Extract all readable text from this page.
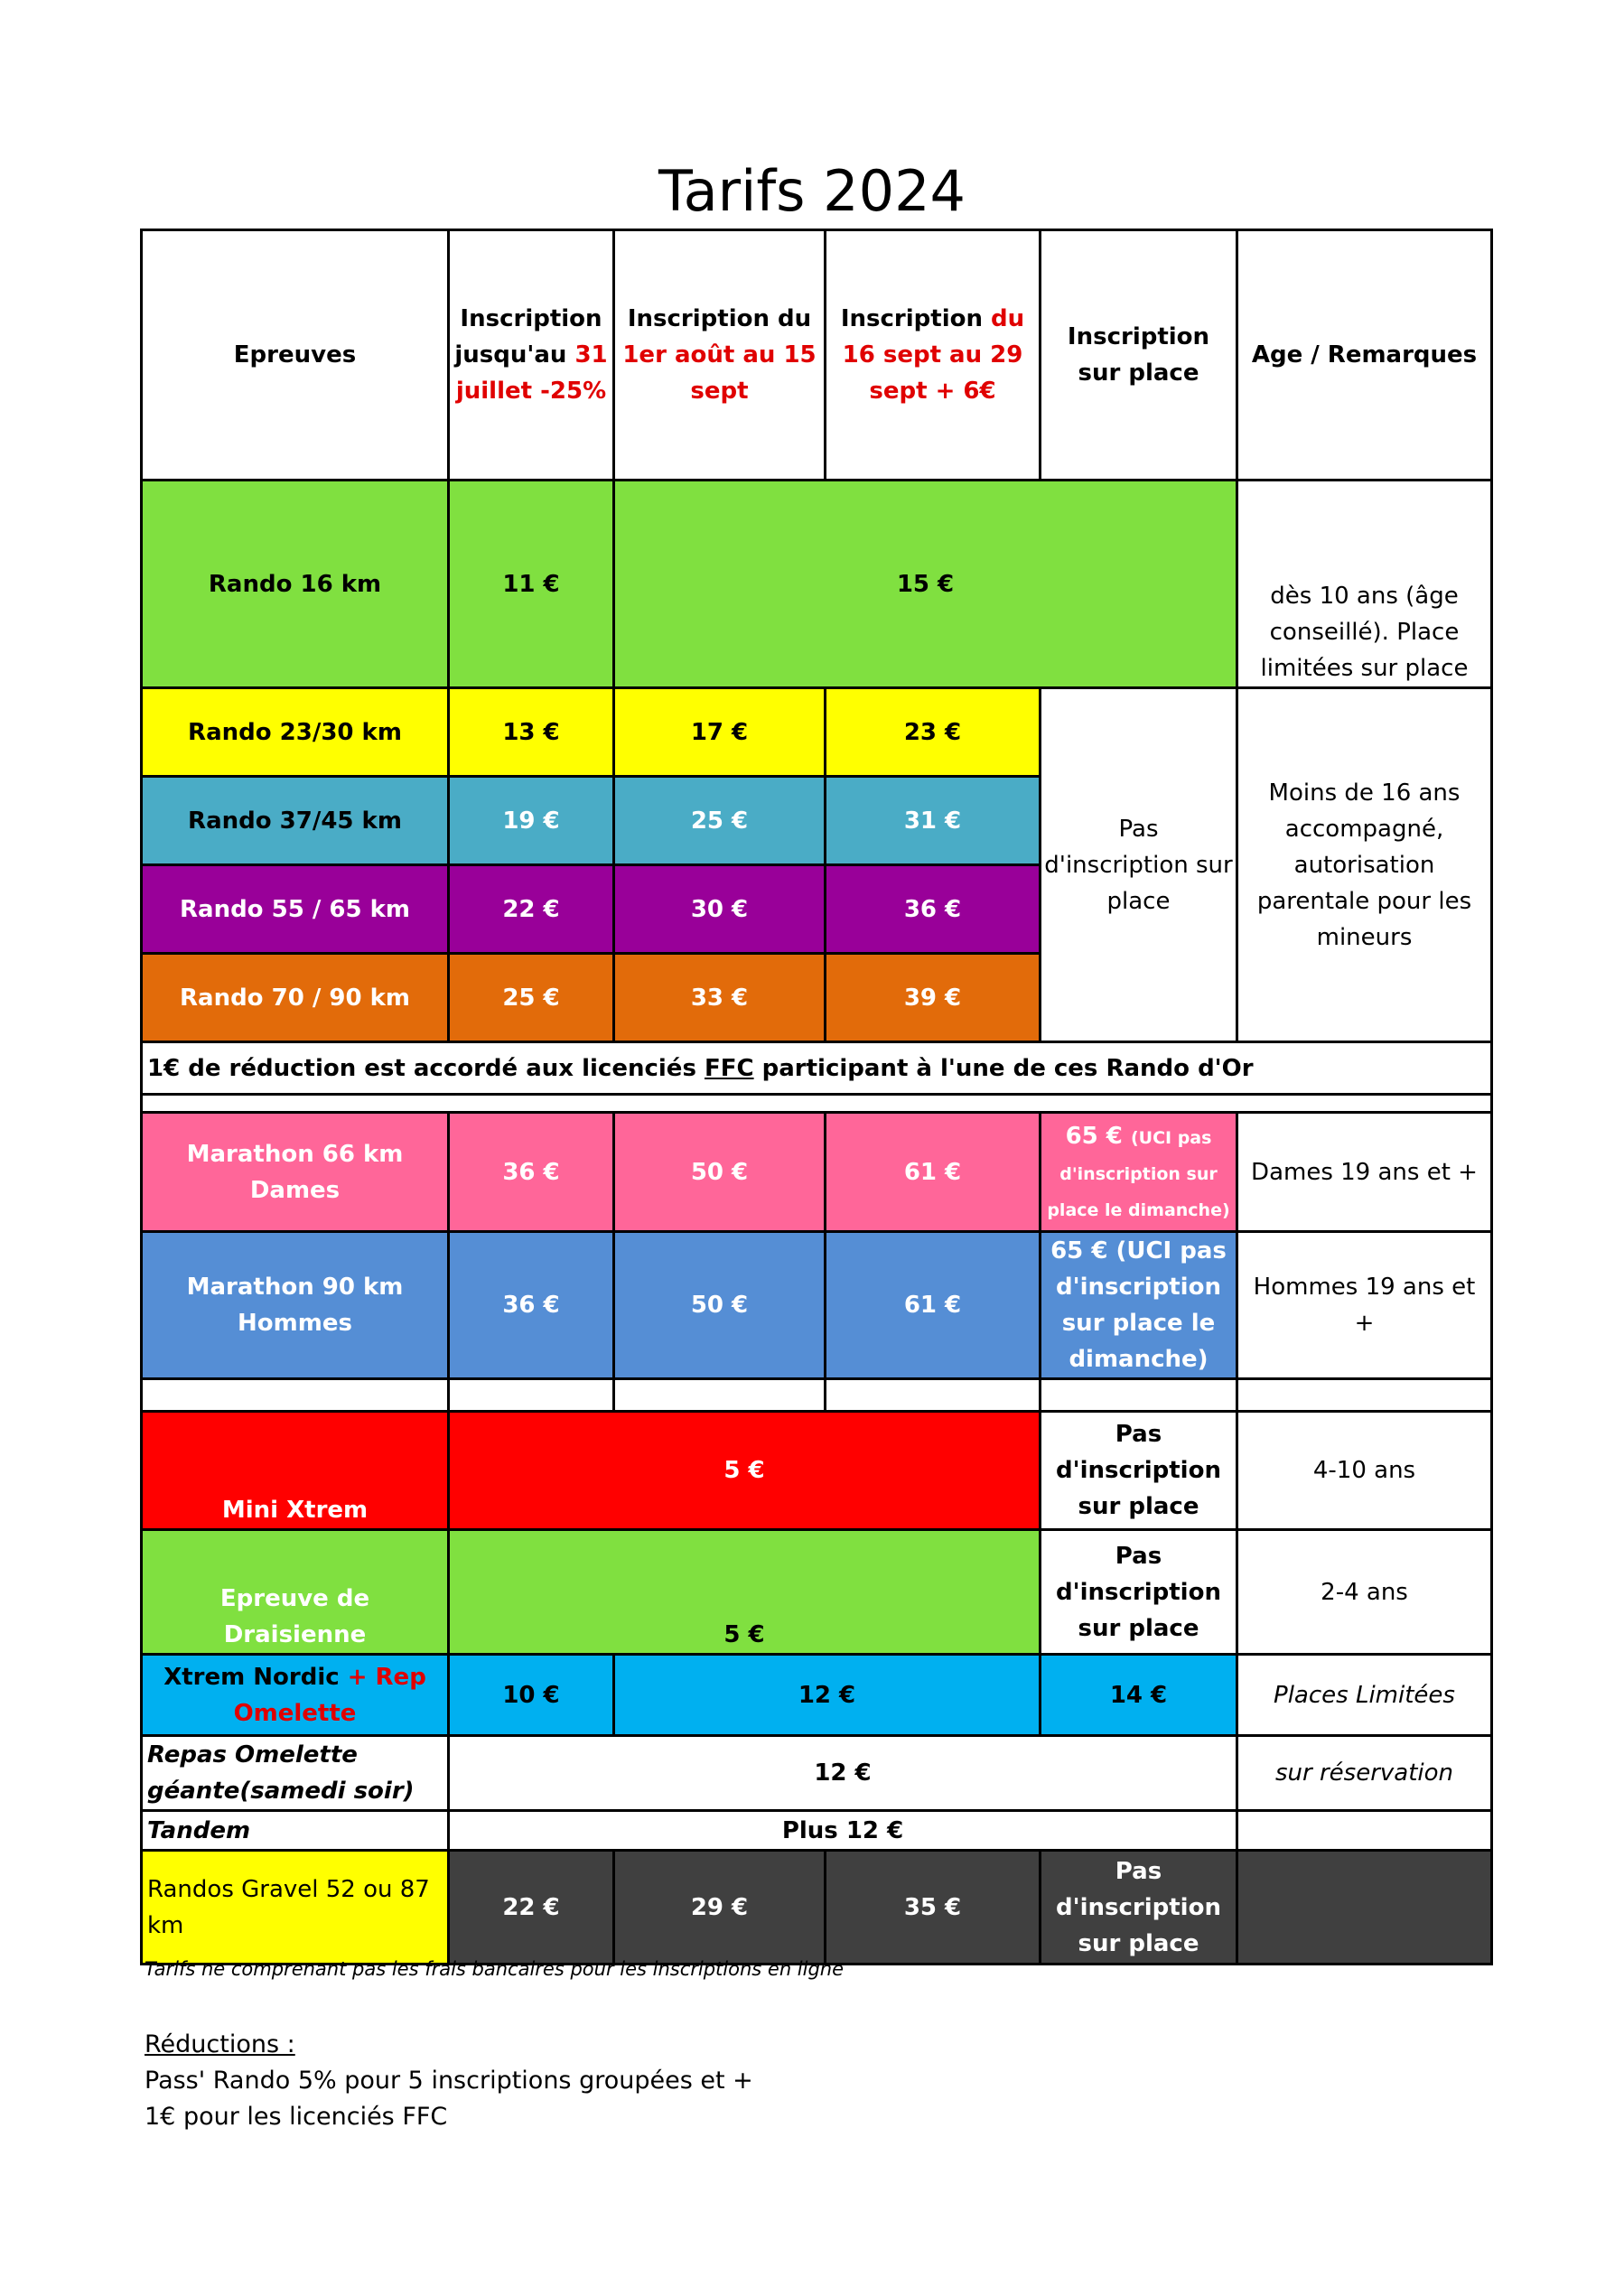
Tarifs 2024
Epreuves	Inscription jusqu'au 31 juillet -25%	Inscription du 1er août au 15 sept	Inscription du 16 sept au 29 sept + 6€	Inscription sur place	Age / Remarques
Rando 16 km	11 €	15 €			dès 10 ans (âge conseillé). Place limitées sur place
Rando 23/30 km	13 €	17 €	23 €	Pas d'inscription sur place	Moins de 16 ans accompagné, autorisation parentale pour les mineurs
Rando 37/45 km	19 €	25 €	31 €		
Rando 55 / 65 km	22 €	30 €	36 €		
Rando 70 / 90 km	25 €	33 €	39 €		
1€ de réduction est accordé aux licenciés FFC participant à l'une de ces Rando d'Or					

Marathon 66 km Dames	36 €	50 €	61 €	65 € (UCI pas d'inscription sur place le dimanche)	Dames 19 ans et +
Marathon 90 km Hommes	36 €	50 €	61 €	65 € (UCI pas d'inscription sur place le dimanche)	Hommes 19 ans et +

Mini Xtrem	5 €			Pas d'inscription sur place	4-10 ans
Epreuve de Draisienne	5 €			Pas d'inscription sur place	2-4 ans
Xtrem Nordic + Rep Omelette	10 €	12 €		14 €	Places Limitées
Repas Omelette géante(samedi soir)	12 €				sur réservation
Tandem	Plus 12 €				
Randos Gravel 52 ou 87 km	22 €	29 €	35 €	Pas d'inscription sur place	
Tarifs ne comprenant pas les frais bancaires pour les inscriptions en ligne
Réductions :
Pass' Rando 5% pour 5 inscriptions groupées et +
1€ pour les licenciés FFC
